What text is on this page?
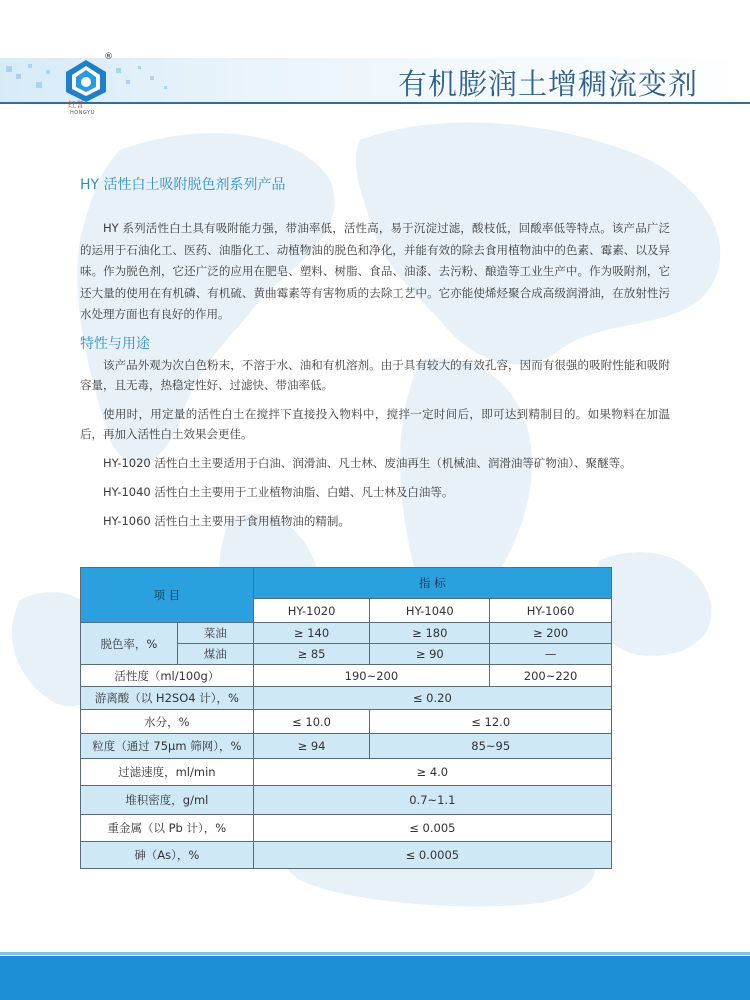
®
红誉
HONGYU
有机膨润土增稠流变剂
HY 活性白土吸附脱色剂系列产品

HY 系列活性白土具有吸附能力强，带油率低，活性高，易于沉淀过滤，酸枝低，回酸率低等特点。该产品广泛的运用于石油化工、医药、油脂化工、动植物油的脱色和净化，并能有效的除去食用植物油中的色素、霉素、以及异味。作为脱色剂，它还广泛的应用在肥皂、塑料、树脂、食品、油漆、去污粉、酿造等工业生产中。作为吸附剂，它还大量的使用在有机磷、有机硫、黄曲霉素等有害物质的去除工艺中。它亦能使烯烃聚合成高级润滑油，在放射性污水处理方面也有良好的作用。

特性与用途

该产品外观为次白色粉末，不溶于水、油和有机溶剂。由于具有较大的有效孔容，因而有很强的吸附性能和吸附容量，且无毒，热稳定性好、过滤快、带油率低。

使用时，用定量的活性白土在搅拌下直接投入物料中，搅拌一定时间后，即可达到精制目的。如果物料在加温后，再加入活性白土效果会更佳。

HY-1020 活性白土主要适用于白油、润滑油、凡士林、废油再生（机械油、润滑油等矿物油）、聚醚等。

HY-1040 活性白土主要用于工业植物油脂、白蜡、凡士林及白油等。

HY-1060 活性白土主要用于食用植物油的精制。

项 目		指 标		
		HY-1020	HY-1040	HY-1060
脱色率，%	菜油	≥ 140	≥ 180	≥ 200
	煤油	≥ 85	≥ 90	—
活性度（ml/100g）		190~200		200~220
游离酸（以 H2SO4 计），%		≤ 0.20		
水分，%		≤ 10.0	≤ 12.0	
粒度（通过 75μm 筛网），%		≥ 94	85~95	
过滤速度，ml/min		≥ 4.0		
堆积密度，g/ml		0.7~1.1		
重金属（以 Pb 计），%		≤ 0.005		
砷（As），%		≤ 0.0005		
